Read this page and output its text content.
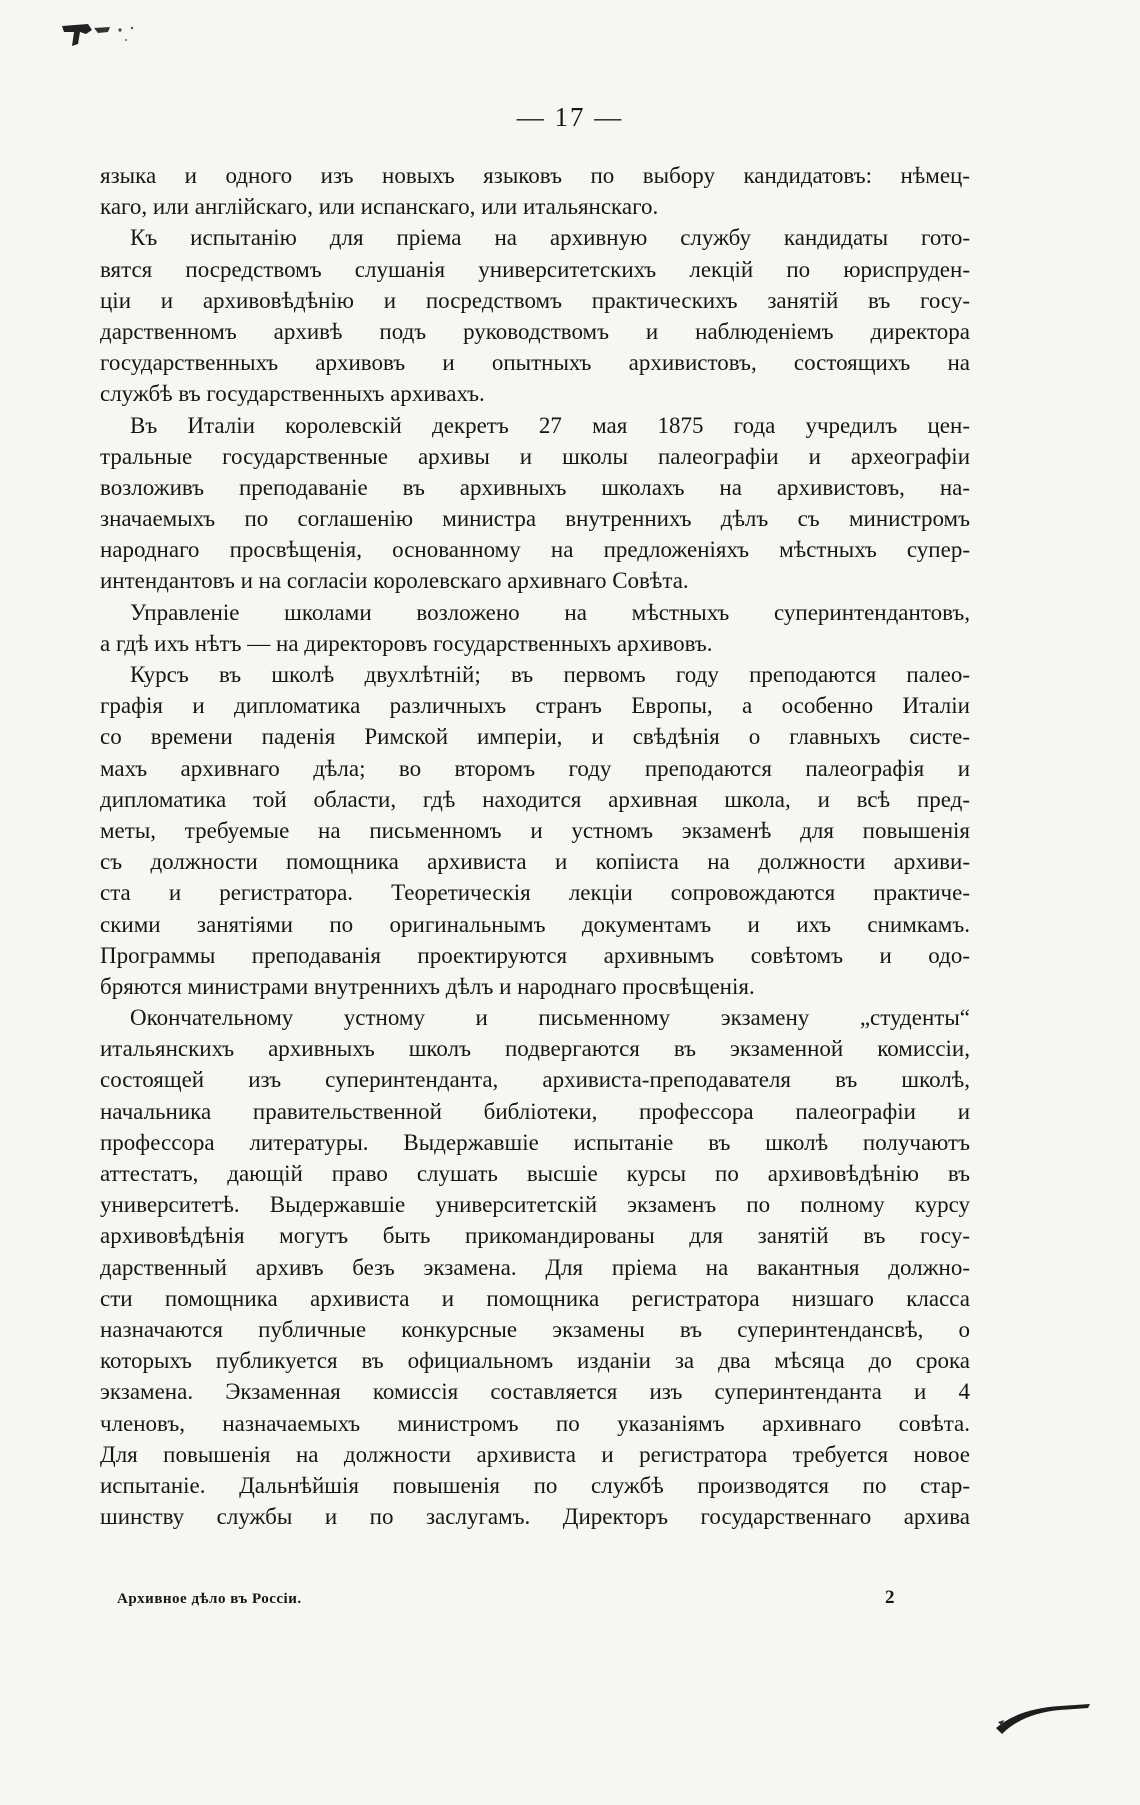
— 17 —
языка и одного изъ новыхъ языковъ по выбору кандидатовъ: нѣмец-
каго, или англійскаго, или испанскаго, или итальянскаго.
Къ испытанію для пріема на архивную службу кандидаты гото-
вятся посредствомъ слушанія университетскихъ лекцій по юриспруден-
ціи и архивовѣдѣнію и посредствомъ практическихъ занятій въ госу-
дарственномъ архивѣ подъ руководствомъ и наблюденіемъ директора
государственныхъ архивовъ и опытныхъ архивистовъ, состоящихъ на
службѣ въ государственныхъ архивахъ.
Въ Италіи королевскій декретъ 27 мая 1875 года учредилъ цен-
тральные государственные архивы и школы палеографіи и археографіи
возложивъ преподаваніе въ архивныхъ школахъ на архивистовъ, на-
значаемыхъ по соглашенію министра внутреннихъ дѣлъ съ министромъ
народнаго просвѣщенія, основанному на предложеніяхъ мѣстныхъ супер-
интендантовъ и на согласіи королевскаго архивнаго Совѣта.
Управленіе школами возложено на мѣстныхъ суперинтендантовъ,
а гдѣ ихъ нѣтъ — на директоровъ государственныхъ архивовъ.
Курсъ въ школѣ двухлѣтній; въ первомъ году преподаются палео-
графія и дипломатика различныхъ странъ Европы, а особенно Италіи
со времени паденія Римской имперіи, и свѣдѣнія о главныхъ систе-
махъ архивнаго дѣла; во второмъ году преподаются палеографія и
дипломатика той области, гдѣ находится архивная школа, и всѣ пред-
меты, требуемые на письменномъ и устномъ экзаменѣ для повышенія
съ должности помощника архивиста и копіиста на должности архиви-
ста и регистратора. Теоретическія лекціи сопровождаются практиче-
скими занятіями по оригинальнымъ документамъ и ихъ снимкамъ.
Программы преподаванія проектируются архивнымъ совѣтомъ и одо-
бряются министрами внутреннихъ дѣлъ и народнаго просвѣщенія.
Окончательному устному и письменному экзамену „студенты“
итальянскихъ архивныхъ школъ подвергаются въ экзаменной комиссіи,
состоящей изъ суперинтенданта, архивиста-преподавателя въ школѣ,
начальника правительственной библіотеки, профессора палеографіи и
профессора литературы. Выдержавшіе испытаніе въ школѣ получаютъ
аттестатъ, дающій право слушать высшіе курсы по архивовѣдѣнію въ
университетѣ. Выдержавшіе университетскій экзаменъ по полному курсу
архивовѣдѣнія могутъ быть прикомандированы для занятій въ госу-
дарственный архивъ безъ экзамена. Для пріема на вакантныя должно-
сти помощника архивиста и помощника регистратора низшаго класса
назначаются публичные конкурсные экзамены въ суперинтендансвѣ, о
которыхъ публикуется въ официальномъ изданіи за два мѣсяца до срока
экзамена. Экзаменная комиссія составляется изъ суперинтенданта и 4
членовъ, назначаемыхъ министромъ по указаніямъ архивнаго совѣта.
Для повышенія на должности архивиста и регистратора требуется новое
испытаніе. Дальнѣйшія повышенія по службѣ производятся по стар-
шинству службы и по заслугамъ. Директоръ государственнаго архива
Архивное дѣло въ Россіи.	2
